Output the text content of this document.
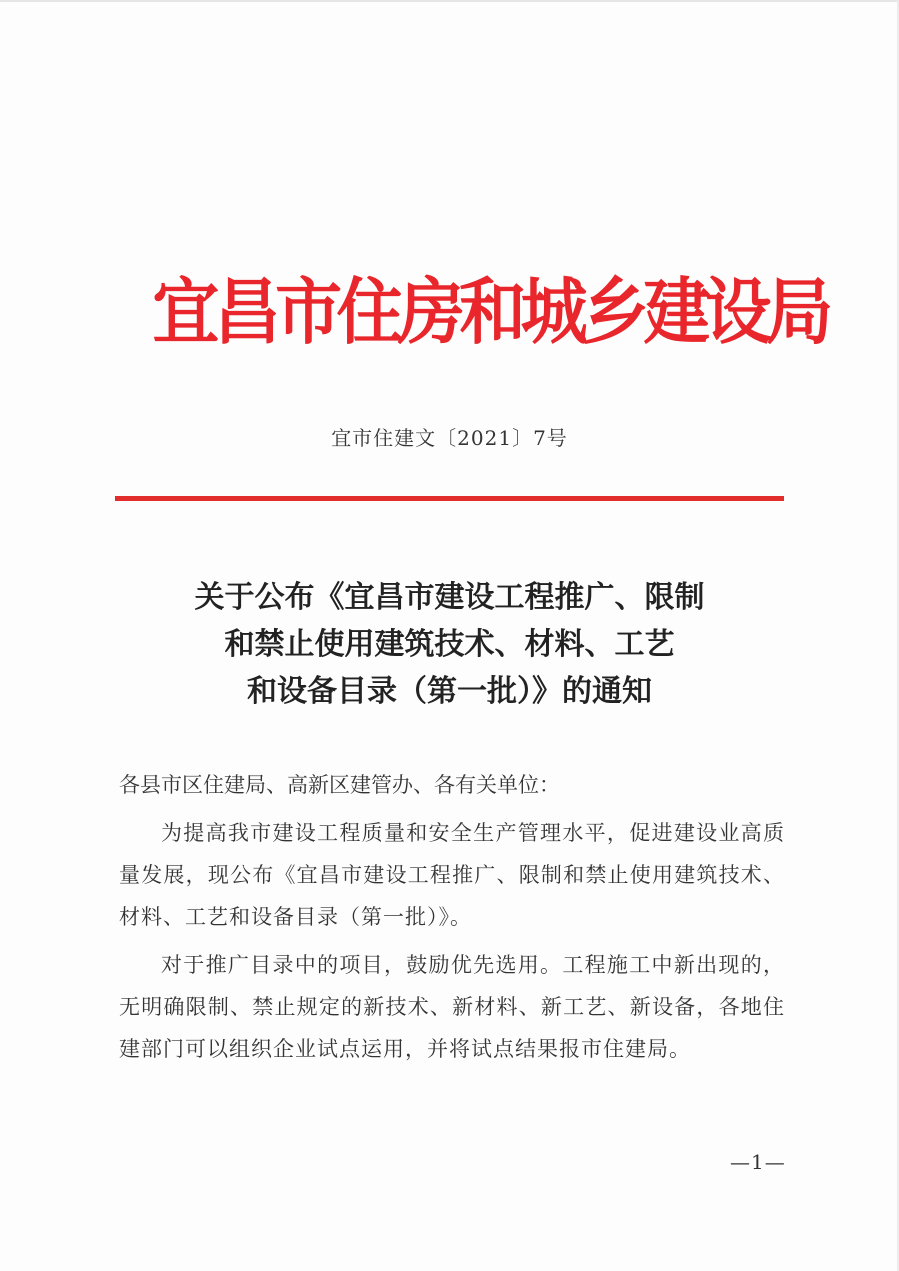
宜昌市住房和城乡建设局
宜市住建文〔2021〕7号
关于公布《宜昌市建设工程推广、限制
和禁止使用建筑技术、材料、工艺
和设备目录（第一批）》的通知

各县市区住建局、高新区建管办、各有关单位：

为提高我市建设工程质量和安全生产管理水平，促进建设业高质量发展，现公布《宜昌市建设工程推广、限制和禁止使用建筑技术、材料、工艺和设备目录（第一批）》。

对于推广目录中的项目，鼓励优先选用。工程施工中新出现的，无明确限制、禁止规定的新技术、新材料、新工艺、新设备，各地住建部门可以组织企业试点运用，并将试点结果报市住建局。

—1—
